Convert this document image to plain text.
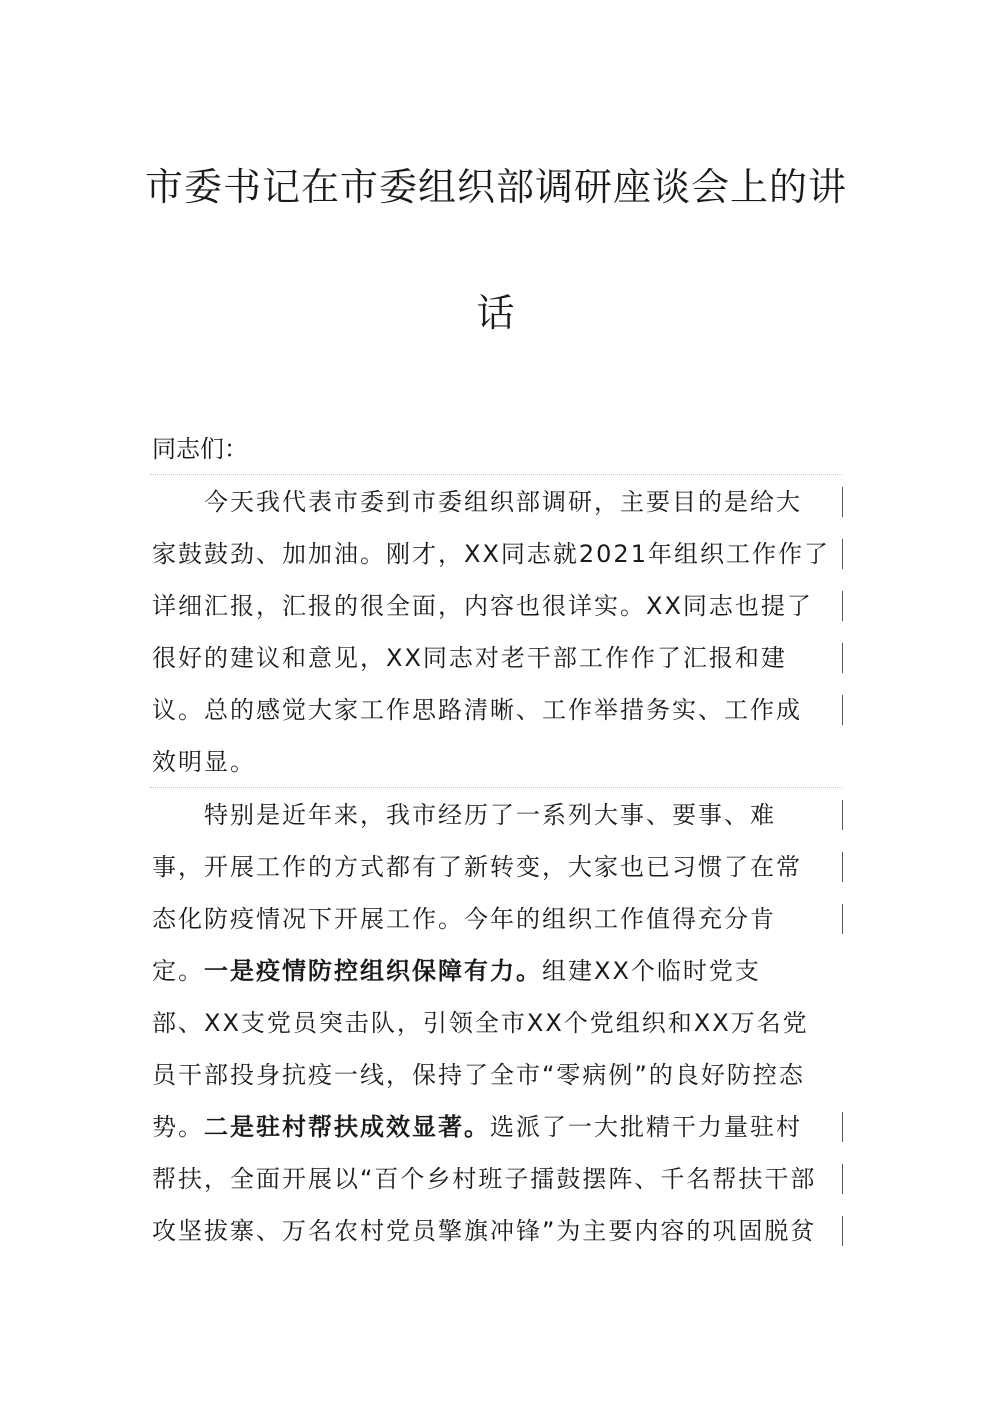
市委书记在市委组织部调研座谈会上的讲
话
同志们：
今天我代表市委到市委组织部调研，主要目的是给大
家鼓鼓劲、加加油。刚才，XX同志就2021年组织工作作了
详细汇报，汇报的很全面，内容也很详实。XX同志也提了
很好的建议和意见，XX同志对老干部工作作了汇报和建
议。总的感觉大家工作思路清晰、工作举措务实、工作成
效明显。
特别是近年来，我市经历了一系列大事、要事、难
事，开展工作的方式都有了新转变，大家也已习惯了在常
态化防疫情况下开展工作。今年的组织工作值得充分肯
定。一是疫情防控组织保障有力。组建XX个临时党支
部、XX支党员突击队，引领全市XX个党组织和XX万名党
员干部投身抗疫一线，保持了全市“零病例”的良好防控态
势。二是驻村帮扶成效显著。选派了一大批精干力量驻村
帮扶，全面开展以“百个乡村班子擂鼓摆阵、千名帮扶干部
攻坚拔寨、万名农村党员擎旗冲锋”为主要内容的巩固脱贫
